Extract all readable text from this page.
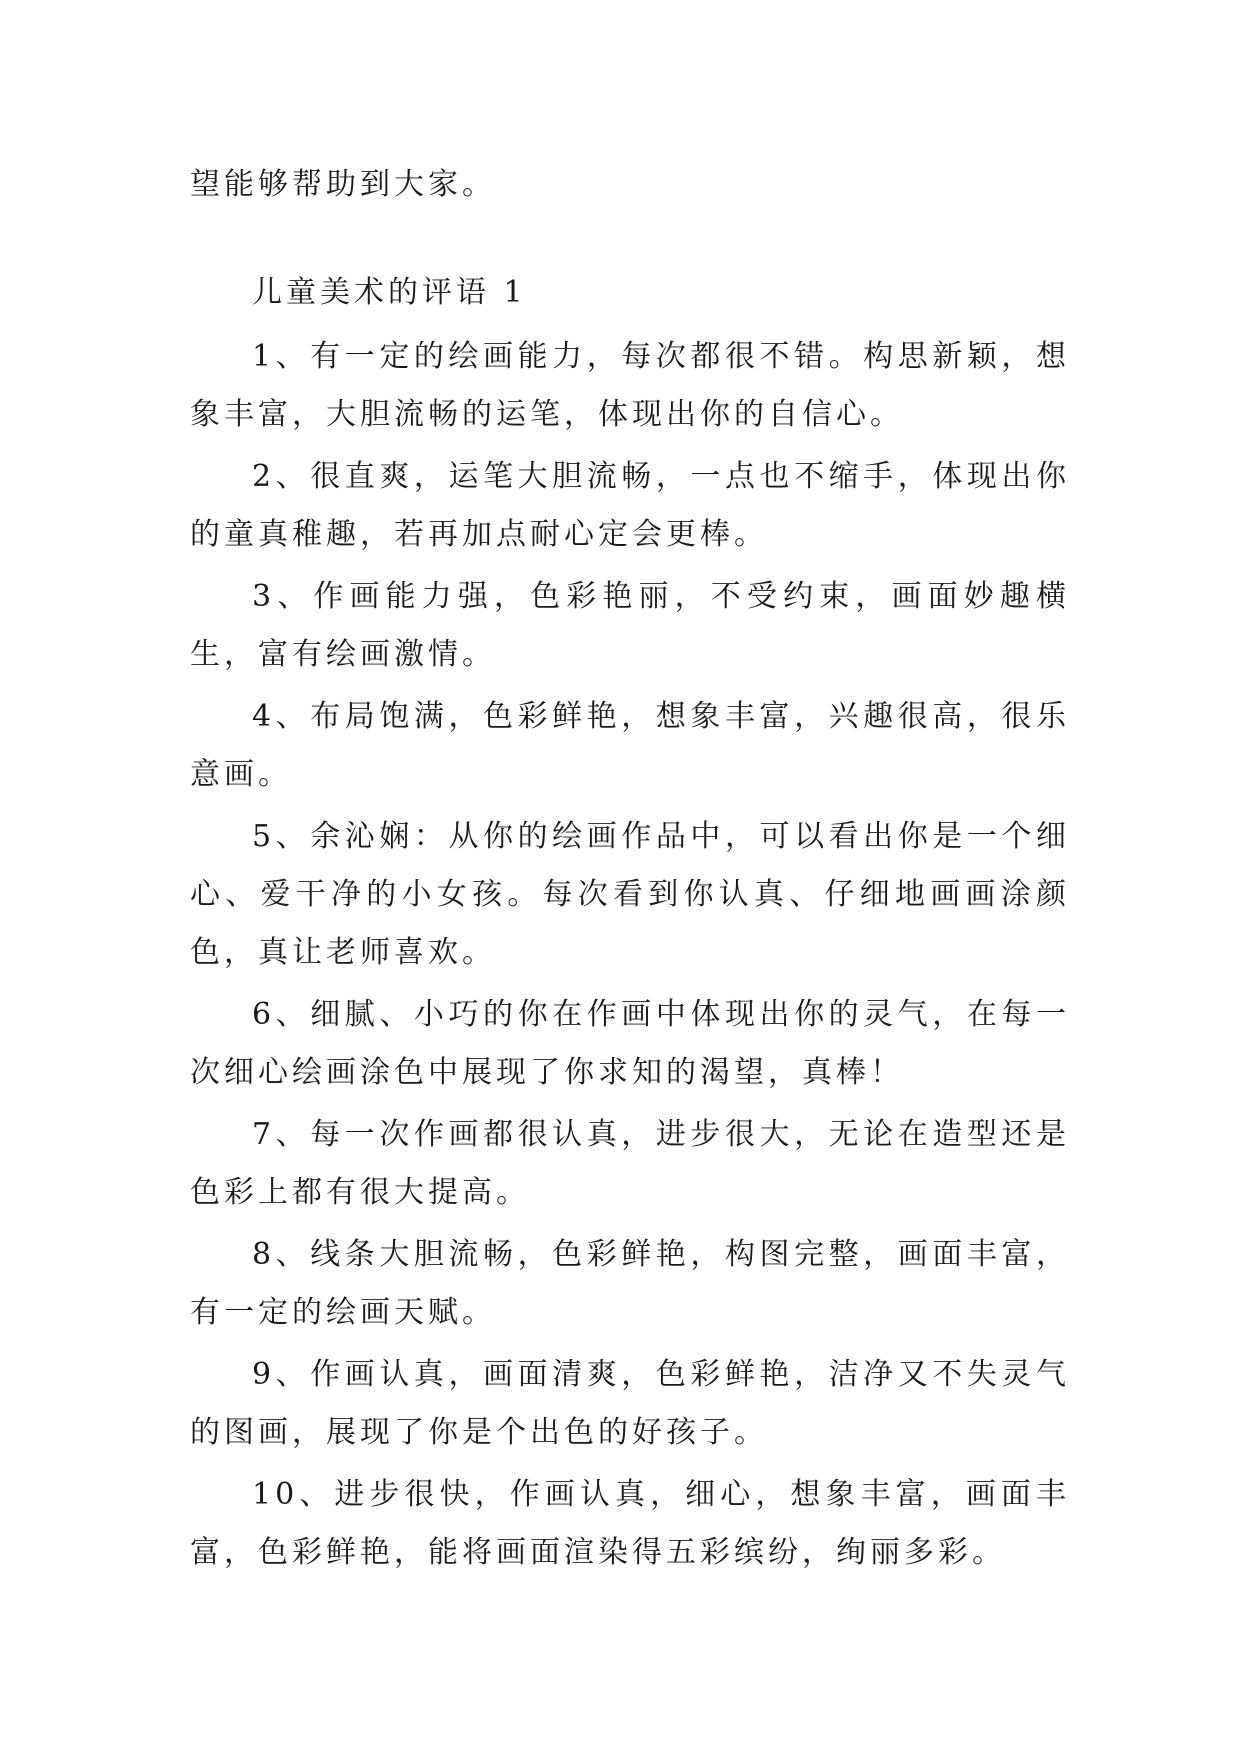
望能够帮助到大家。

儿童美术的评语 1

1、有一定的绘画能力，每次都很不错。构思新颖，想象丰富，大胆流畅的运笔，体现出你的自信心。

2、很直爽，运笔大胆流畅，一点也不缩手，体现出你的童真稚趣，若再加点耐心定会更棒。

3、作画能力强，色彩艳丽，不受约束，画面妙趣横生，富有绘画激情。

4、布局饱满，色彩鲜艳，想象丰富，兴趣很高，很乐意画。

5、余沁娴：从你的绘画作品中，可以看出你是一个细心、爱干净的小女孩。每次看到你认真、仔细地画画涂颜色，真让老师喜欢。

6、细腻、小巧的你在作画中体现出你的灵气，在每一次细心绘画涂色中展现了你求知的渴望，真棒！

7、每一次作画都很认真，进步很大，无论在造型还是色彩上都有很大提高。

8、线条大胆流畅，色彩鲜艳，构图完整，画面丰富，有一定的绘画天赋。

9、作画认真，画面清爽，色彩鲜艳，洁净又不失灵气的图画，展现了你是个出色的好孩子。

10、进步很快，作画认真，细心，想象丰富，画面丰富，色彩鲜艳，能将画面渲染得五彩缤纷，绚丽多彩。
